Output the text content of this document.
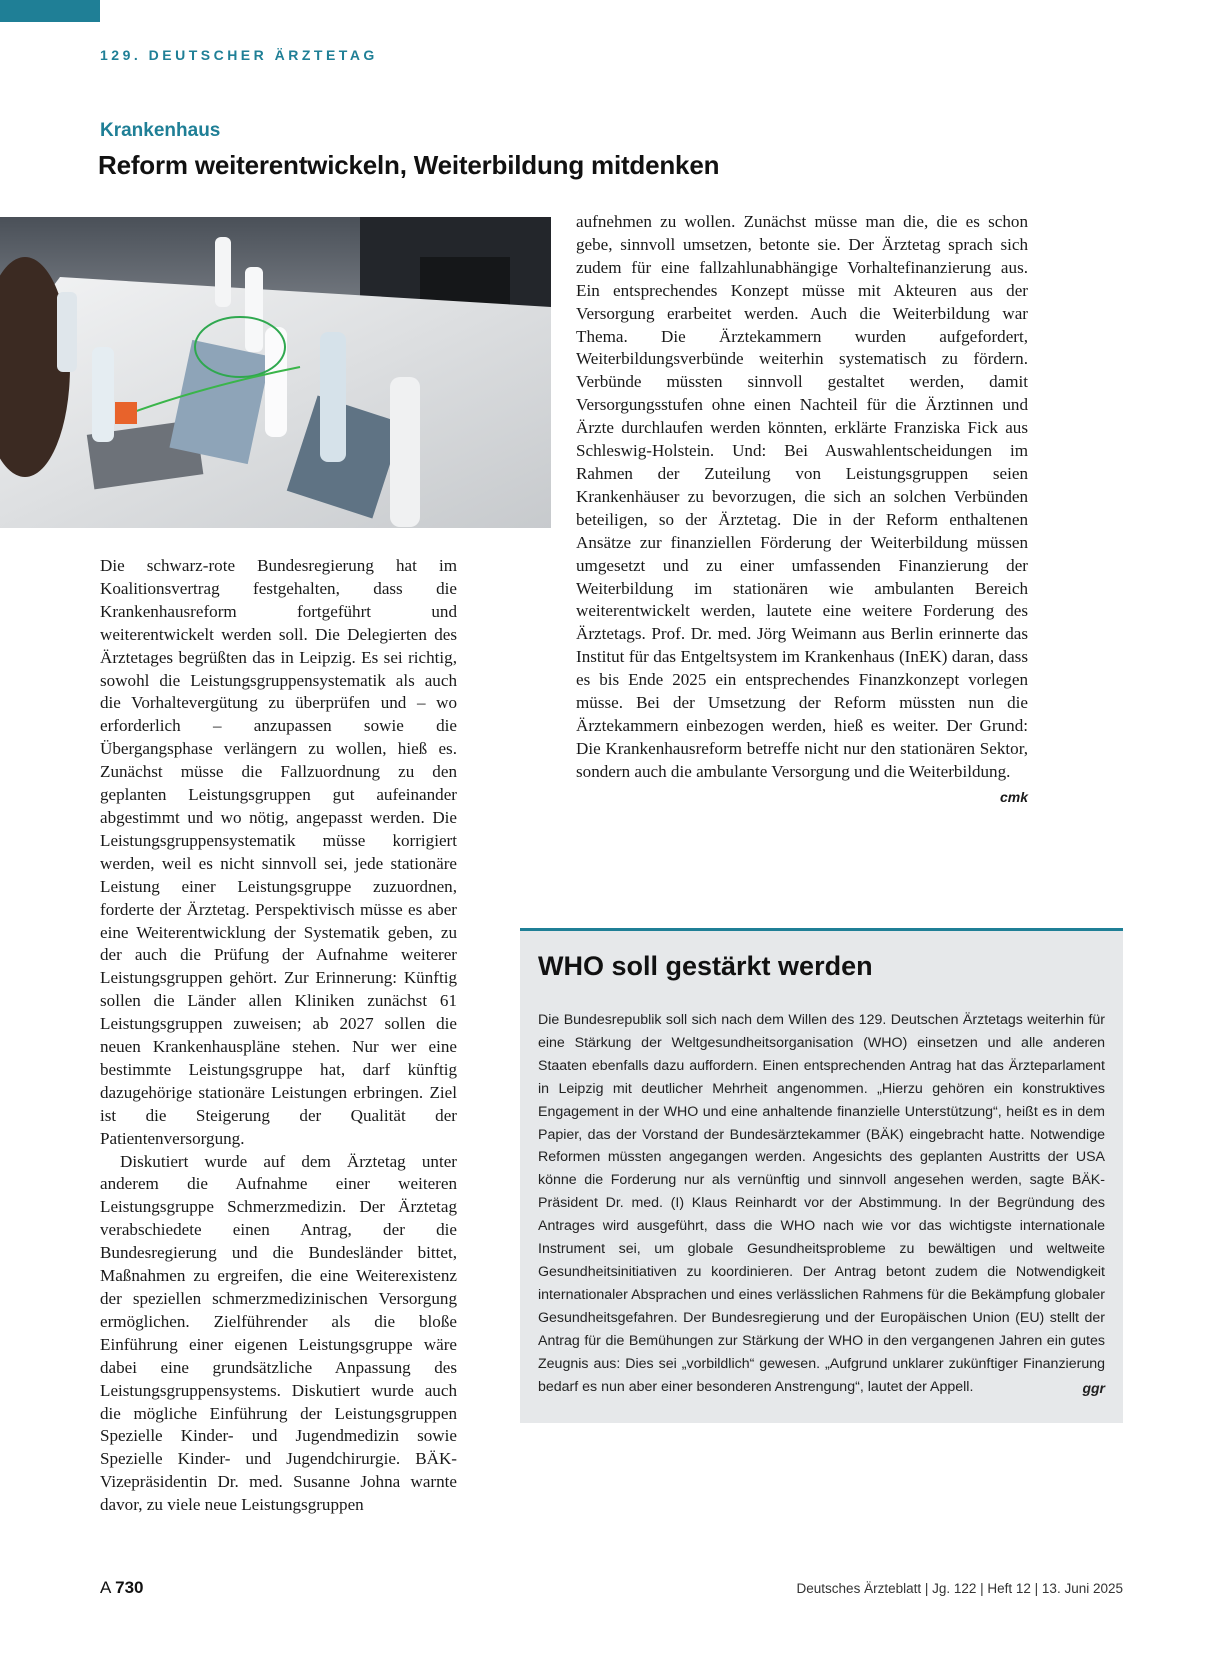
129. DEUTSCHER ÄRZTETAG
Krankenhaus
Reform weiterentwickeln, Weiterbildung mitdenken

Die schwarz-rote Bundesregierung hat im Koalitionsvertrag festgehalten, dass die Krankenhausreform fortgeführt und weiterentwickelt werden soll. Die Delegierten des Ärztetages begrüßten das in Leipzig. Es sei richtig, sowohl die Leistungsgruppensystematik als auch die Vorhaltevergütung zu überprüfen und – wo erforderlich – anzupassen sowie die Übergangsphase verlängern zu wollen, hieß es. Zunächst müsse die Fallzuordnung zu den geplanten Leistungsgruppen gut aufeinander abgestimmt und wo nötig, angepasst werden. Die Leistungsgruppensystematik müsse korrigiert werden, weil es nicht sinnvoll sei, jede stationäre Leistung einer Leistungsgruppe zuzuordnen, forderte der Ärztetag. Perspektivisch müsse es aber eine Weiterentwicklung der Systematik geben, zu der auch die Prüfung der Aufnahme weiterer Leistungsgruppen gehört. Zur Erinnerung: Künftig sollen die Länder allen Kliniken zunächst 61 Leistungsgruppen zuweisen; ab 2027 sollen die neuen Krankenhauspläne stehen. Nur wer eine bestimmte Leistungsgruppe hat, darf künftig dazugehörige stationäre Leistungen erbringen. Ziel ist die Steigerung der Qualität der Patientenversorgung.

Diskutiert wurde auf dem Ärztetag unter anderem die Aufnahme einer weiteren Leistungsgruppe Schmerzmedizin. Der Ärztetag verabschiedete einen Antrag, der die Bundesregierung und die Bundesländer bittet, Maßnahmen zu ergreifen, die eine Weiterexistenz der speziellen schmerzmedizinischen Versorgung ermöglichen. Zielführender als die bloße Einführung einer eigenen Leistungsgruppe wäre dabei eine grundsätzliche Anpassung des Leistungsgruppensystems. Diskutiert wurde auch die mögliche Einführung der Leistungsgruppen Spezielle Kinder- und Jugendmedizin sowie Spezielle Kinder- und Jugendchirurgie. BÄK-Vizepräsidentin Dr. med. Susanne Johna warnte davor, zu viele neue Leistungsgruppen

aufnehmen zu wollen. Zunächst müsse man die, die es schon gebe, sinnvoll umsetzen, betonte sie. Der Ärztetag sprach sich zudem für eine fallzahlunabhängige Vorhaltefinanzierung aus. Ein entsprechendes Konzept müsse mit Akteuren aus der Versorgung erarbeitet werden. Auch die Weiterbildung war Thema. Die Ärztekammern wurden aufgefordert, Weiterbildungsverbünde weiterhin systematisch zu fördern. Verbünde müssten sinnvoll gestaltet werden, damit Versorgungsstufen ohne einen Nachteil für die Ärztinnen und Ärzte durchlaufen werden könnten, erklärte Franziska Fick aus Schleswig-Holstein. Und: Bei Auswahlentscheidungen im Rahmen der Zuteilung von Leistungsgruppen seien Krankenhäuser zu bevorzugen, die sich an solchen Verbünden beteiligen, so der Ärztetag. Die in der Reform enthaltenen Ansätze zur finanziellen Förderung der Weiterbildung müssen umgesetzt und zu einer umfassenden Finanzierung der Weiterbildung im stationären wie ambulanten Bereich weiterentwickelt werden, lautete eine weitere Forderung des Ärztetags. Prof. Dr. med. Jörg Weimann aus Berlin erinnerte das Institut für das Entgeltsystem im Krankenhaus (InEK) daran, dass es bis Ende 2025 ein entsprechendes Finanzkonzept vorlegen müsse. Bei der Umsetzung der Reform müssten nun die Ärztekammern einbezogen werden, hieß es weiter. Der Grund: Die Krankenhausreform betreffe nicht nur den stationären Sektor, sondern auch die ambulante Versorgung und die Weiterbildung.
cmk

WHO soll gestärkt werden

Die Bundesrepublik soll sich nach dem Willen des 129. Deutschen Ärztetags weiterhin für eine Stärkung der Weltgesundheitsorganisation (WHO) einsetzen und alle anderen Staaten ebenfalls dazu auffordern. Einen entsprechenden Antrag hat das Ärzteparlament in Leipzig mit deutlicher Mehrheit angenommen. „Hierzu gehören ein konstruktives Engagement in der WHO und eine anhaltende finanzielle Unterstützung“, heißt es in dem Papier, das der Vorstand der Bundesärztekammer (BÄK) eingebracht hatte. Notwendige Reformen müssten angegangen werden. Angesichts des geplanten Austritts der USA könne die Forderung nur als vernünftig und sinnvoll angesehen werden, sagte BÄK-Präsident Dr. med. (I) Klaus Reinhardt vor der Abstimmung. In der Begründung des Antrages wird ausgeführt, dass die WHO nach wie vor das wichtigste internationale Instrument sei, um globale Gesundheitsprobleme zu bewältigen und weltweite Gesundheitsinitiativen zu koordinieren. Der Antrag betont zudem die Notwendigkeit internationaler Absprachen und eines verlässlichen Rahmens für die Bekämpfung globaler Gesundheitsgefahren. Der Bundesregierung und der Europäischen Union (EU) stellt der Antrag für die Bemühungen zur Stärkung der WHO in den vergangenen Jahren ein gutes Zeugnis aus: Dies sei „vorbildlich“ gewesen. „Aufgrund unklarer zukünftiger Finanzierung bedarf es nun aber einer besonderen Anstrengung“, lautet der Appell.	ggr

A 730	Deutsches Ärzteblatt | Jg. 122 | Heft 12 | 13. Juni 2025
